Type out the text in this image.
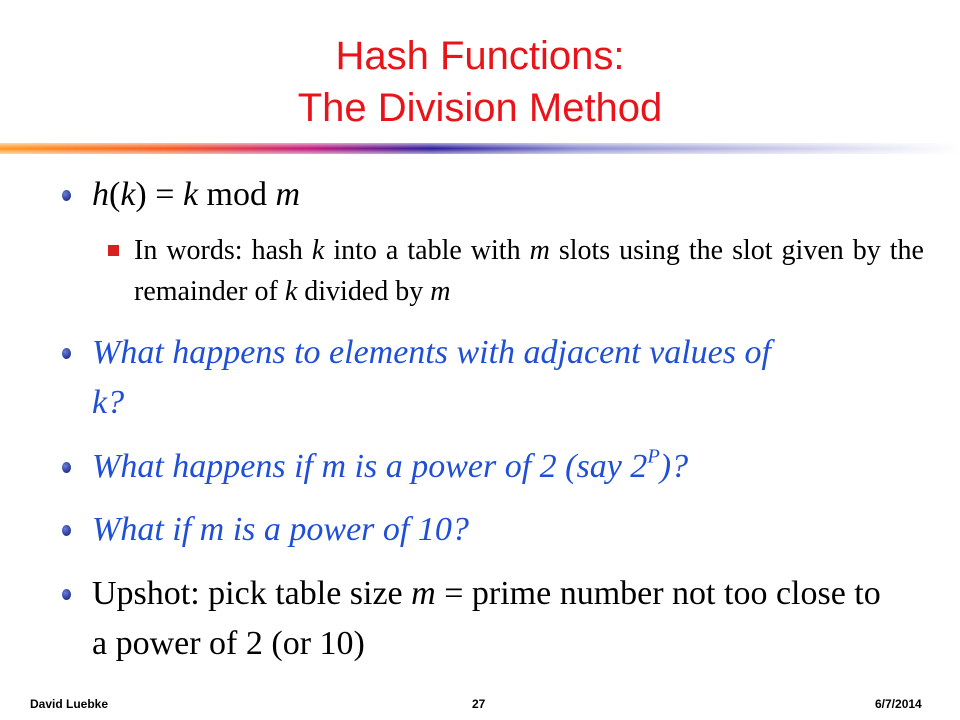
Hash Functions:
The Division Method
h(k) = k mod m
In words: hash k into a table with m slots using the slot given by the remainder of k divided by m
What happens to elements with adjacent values of k?
What happens if m is a power of 2 (say $2^P$)?
What if m is a power of 10?
Upshot: pick table size m = prime number not too close to a power of 2 (or 10)
David Luebke	27	6/7/2014
